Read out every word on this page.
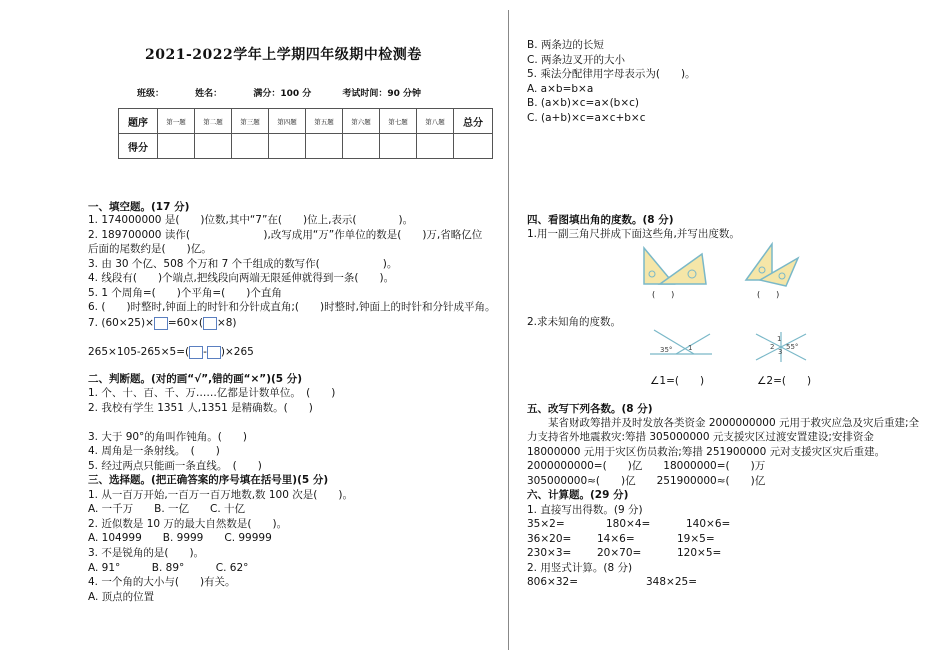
2021-2022学年上学期四年级期中检测卷
班级：	姓名：	满分：100 分	考试时间：90 分钟
题序	第一题	第二题	第三题	第四题	第五题	第六题	第七题	第八题	总分
得分									
一、填空题。(17 分)
1. 174000000 是(　　)位数,其中“7”在(　　)位上,表示(　　　　)。
2. 189700000 读作(　　　　　　　),改写成用“万”作单位的数是(　　)万,省略亿位
后面的尾数约是(　　)亿。
3. 由 30 个亿、508 个万和 7 个千组成的数写作(　　　　　　)。
4. 线段有(　　)个端点,把线段向两端无限延伸就得到一条(　　)。
5. 1 个周角=(　　)个平角=(　　)个直角
6. (　　)时整时,钟面上的时针和分针成直角;(　　)时整时,钟面上的时针和分针成平角。
7. (60×25)× =60×( ×8)
265×105-265×5=( - )×265
二、判断题。(对的画“√”,错的画“×”)(5 分)
1. 个、十、百、千、万……亿都是计数单位。　(　　)
2. 我校有学生 1351 人,1351 是精确数。(　　)
3. 大于 90°的角叫作钝角。(　　)
4. 周角是一条射线。　(　　)
5. 经过两点只能画一条直线。　(　　)
三、选择题。(把正确答案的序号填在括号里)(5 分)
1. 从一百万开始,一百万一百万地数,数 100 次是(　　)。
A. 一千万　　B. 一亿　　C. 十亿
2. 近似数是 10 万的最大自然数是(　　)。
A. 104999　　B. 9999　　C. 99999
3. 不是锐角的是(　　)。
A. 91°　　　B. 89°　　　C. 62°
4. 一个角的大小与(　　)有关。
A. 顶点的位置
B. 两条边的长短
C. 两条边叉开的大小
5. 乘法分配律用字母表示为(　　)。
A. a×b=b×a
B. (a×b)×c=a×(b×c)
C. (a+b)×c=a×c+b×c
四、看图填出角的度数。(8 分)
1.用一副三角尺拼成下面这些角,并写出度数。
(　　)	(　　)
2.求未知角的度数。
35° 1
1
2
3
55°
∠1=(　　)	∠2=(　　)
五、改写下列各数。(8 分)
　　某省财政筹措并及时发放各类资金 2000000000 元用于救灾应急及灾后重建;全
力支持省外地震救灾:筹措 305000000 元支援灾区过渡安置建设;安排资金
18000000 元用于灾区伤员救治;筹措 251900000 元对支援灾区灾后重建。
2000000000=(　　)亿　　18000000=(　　)万
305000000≈(　　)亿　　251900000≈(　　)亿
六、计算题。(29 分)
1. 直接写出得数。(9 分)
35×2=	180×4=	140×6=
36×20= 14×6=	19×5=
230×3= 20×70=	120×5=
2. 用竖式计算。(8 分)
806×32=	348×25=
